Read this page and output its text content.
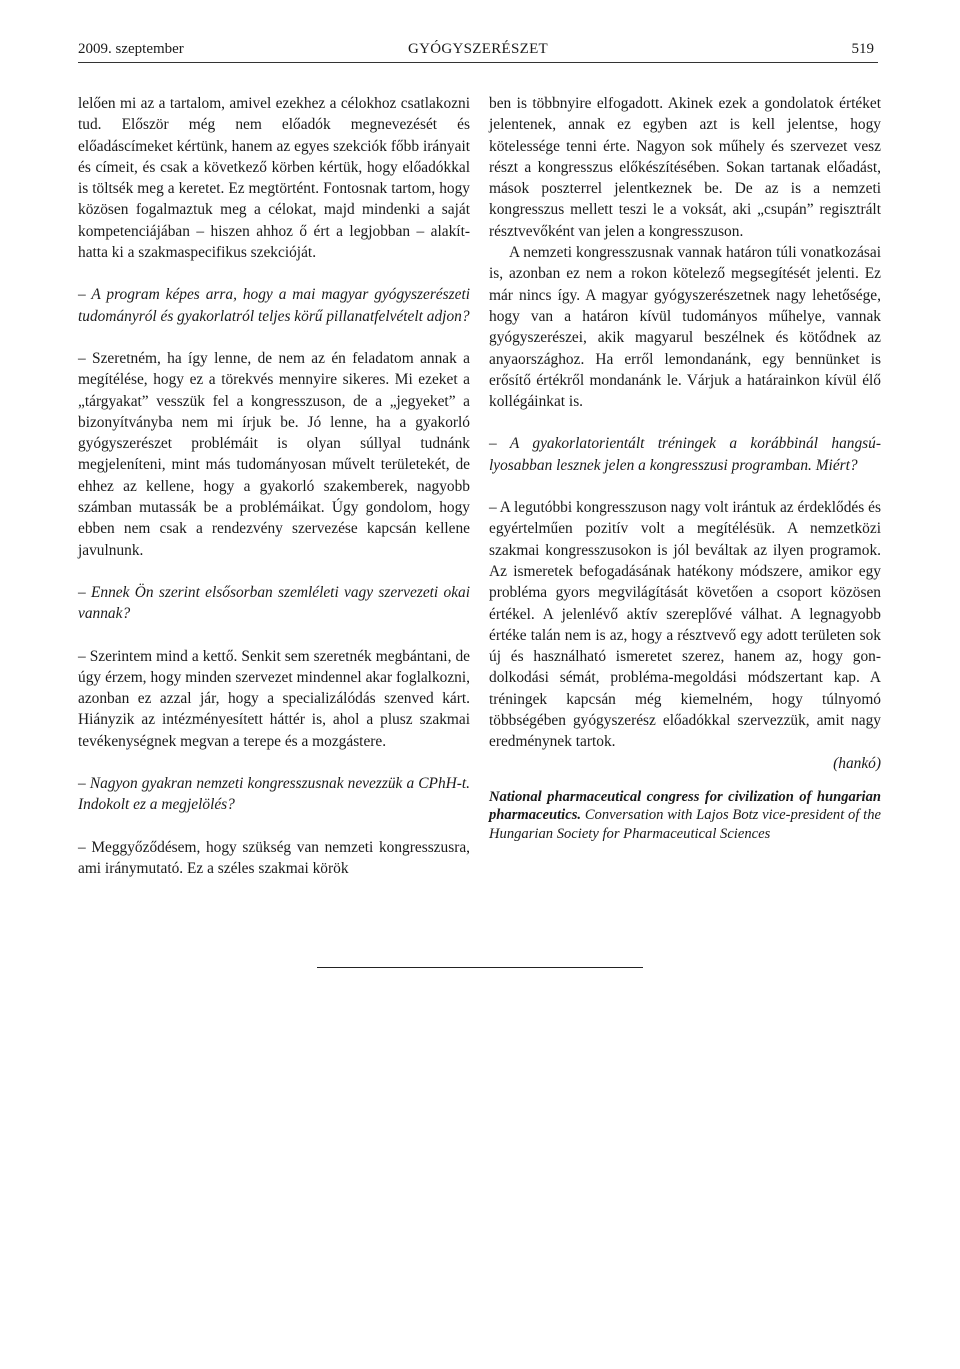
2009. szeptember	GYÓGYSZERÉSZET	519

lelően mi az a tartalom, amivel ezekhez a célokhoz csatlakozni tud. Először még nem előadók megnevezését és előadáscímeket kértünk, hanem az egyes szekciók főbb irányait és címeit, és csak a következő körben kértük, hogy előadókkal is töltsék meg a keretet. Ez megtörtént. Fontosnak tartom, hogy közösen fogalmaztuk meg a célokat, majd mindenki a saját kompetenciájában – hiszen ahhoz ő ért a legjobban – alakíthatta ki a szakmaspecifikus szekcióját.

– A program képes arra, hogy a mai magyar gyógyszerészeti tudományról és gyakorlatról teljes körű pillanatfelvételt adjon?

– Szeretném, ha így lenne, de nem az én feladatom annak a megítélése, hogy ez a törekvés mennyire sikeres. Mi ezeket a „tárgyakat” vesszük fel a kongresszuson, de a „jegyeket” a bizonyítványba nem mi írjuk be. Jó lenne, ha a gyakorló gyógyszerészet problémáit is olyan súllyal tudnánk megjeleníteni, mint más tudományosan művelt területekét, de ehhez az kellene, hogy a gyakorló szakemberek, nagyobb számban mutassák be a problémáikat. Úgy gondolom, hogy ebben nem csak a rendezvény szervezése kapcsán kellene javulnunk.

– Ennek Ön szerint elsősorban szemléleti vagy szervezeti okai vannak?

– Szerintem mind a kettő. Senkit sem szeretnék megbántani, de úgy érzem, hogy minden szervezet mindennel akar foglalkozni, azonban ez azzal jár, hogy a specializálódás szenved kárt. Hiányzik az intézményesített háttér is, ahol a plusz szakmai tevékenységnek megvan a terepe és a mozgástere.

– Nagyon gyakran nemzeti kongresszusnak nevezzük a CPhH-t. Indokolt ez a megjelölés?

– Meggyőződésem, hogy szükség van nemzeti kongresszusra, ami iránymutató. Ez a széles szakmai körök

ben is többnyire elfogadott. Akinek ezek a gondolatok értéket jelentenek, annak ez egyben azt is kell jelentse, hogy kötelessége tenni érte. Nagyon sok műhely és szervezet vesz részt a kongresszus előkészítésében. Sokan tartanak előadást, mások poszterrel jelentkeznek be. De az is a nemzeti kongresszus mellett teszi le a voksát, aki „csupán” regisztrált résztvevőként van jelen a kongresszuson.

A nemzeti kongresszusnak vannak határon túli vonatkozásai is, azonban ez nem a rokon kötelező megsegítését jelenti. Ez már nincs így. A magyar gyógyszerészetnek nagy lehetősége, hogy van a határon kívül tudományos műhelye, vannak gyógyszerészei, akik magyarul beszélnek és kötődnek az anyaországhoz. Ha erről lemondanánk, egy bennünket is erősítő értékről mondanánk le. Várjuk a határainkon kívül élő kollégáinkat is.

– A gyakorlatorientált tréningek a korábbinál hangsúlyosabban lesznek jelen a kongresszusi programban. Miért?

– A legutóbbi kongresszuson nagy volt irántuk az érdeklődés és egyértelműen pozitív volt a megítélésük. A nemzetközi szakmai kongresszusokon is jól beváltak az ilyen programok. Az ismeretek befogadásának hatékony módszere, amikor egy probléma gyors megvilágítását követően a csoport közösen értékel. A jelenlévő aktív szereplővé válhat. A legnagyobb értéke talán nem is az, hogy a résztvevő egy adott területen sok új és használható ismeretet szerez, hanem az, hogy gondolkodási sémát, probléma-megoldási módszertant kap. A tréningek kapcsán még kiemelném, hogy túlnyomó többségében gyógyszerész előadókkal szervezzük, amit nagy eredménynek tartok.

(hankó)

National pharmaceutical congress for civilization of hungarian pharmaceutics. Conversation with Lajos Botz vice-president of the Hungarian Society for Pharmaceutical Sciences
